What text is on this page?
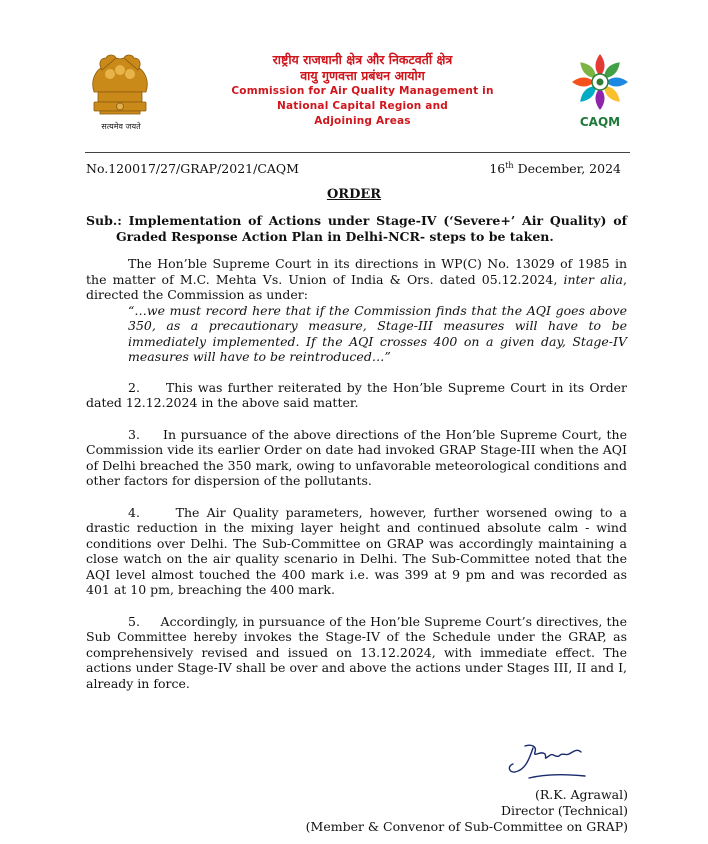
सत्यमेव जयते
राष्ट्रीय राजधानी क्षेत्र और निकटवर्ती क्षेत्र
वायु गुणवत्ता प्रबंधन आयोग
Commission for Air Quality Management in
National Capital Region and
Adjoining Areas	CAQM
No.120017/27/GRAP/2021/CAQM	16th December, 2024
ORDER

Sub.: Implementation of Actions under Stage-IV (‘Severe+’ Air Quality) of Graded Response Action Plan in Delhi-NCR- steps to be taken.

The Hon’ble Supreme Court in its directions in WP(C) No. 13029 of 1985 in the matter of M.C. Mehta Vs. Union of India & Ors. dated 05.12.2024, inter alia, directed the Commission as under:

“…we must record here that if the Commission finds that the AQI goes above 350, as a precautionary measure, Stage-III measures will have to be immediately implemented. If the AQI crosses 400 on a given day, Stage-IV measures will have to be reintroduced…”

2.     This was further reiterated by the Hon’ble Supreme Court in its Order dated 12.12.2024 in the above said matter.

3.     In pursuance of the above directions of the Hon’ble Supreme Court, the Commission vide its earlier Order on date had invoked GRAP Stage-III when the AQI of Delhi breached the 350 mark, owing to unfavorable meteorological conditions and other factors for dispersion of the pollutants.

4.     The Air Quality parameters, however, further worsened owing to a drastic reduction in the mixing layer height and continued absolute calm - wind conditions over Delhi. The Sub-Committee on GRAP was accordingly maintaining a close watch on the air quality scenario in Delhi. The Sub-Committee noted that the AQI level almost touched the 400 mark i.e. was 399 at 9 pm and was recorded as 401 at 10 pm, breaching the 400 mark.

5.     Accordingly, in pursuance of the Hon’ble Supreme Court’s directives, the Sub Committee hereby invokes the Stage-IV of the Schedule under the GRAP, as comprehensively revised and issued on 13.12.2024, with immediate effect. The actions under Stage-IV shall be over and above the actions under Stages III, II and I, already in force.

(R.K. Agrawal)
Director (Technical)
(Member & Convenor of Sub-Committee on GRAP)
